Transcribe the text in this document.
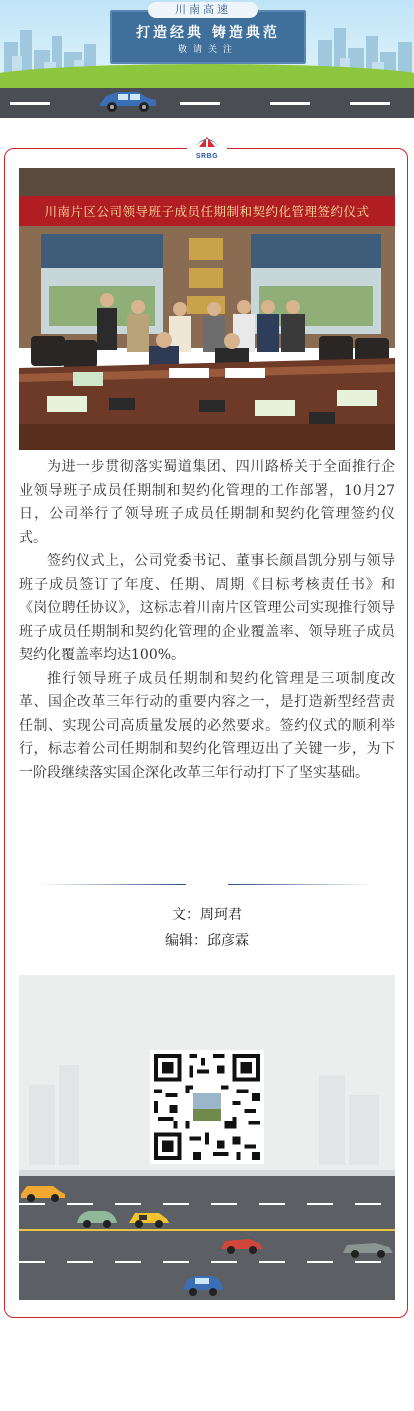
川南高速
打造经典 铸造典范
敬请关注
SRBG
川南片区公司领导班子成员任期制和契约化管理签约仪式

为进一步贯彻落实蜀道集团、四川路桥关于全面推行企业领导班子成员任期制和契约化管理的工作部署，10月27日，公司举行了领导班子成员任期制和契约化管理签约仪式。

签约仪式上，公司党委书记、董事长颜昌凯分别与领导班子成员签订了年度、任期、周期《目标考核责任书》和《岗位聘任协议》，这标志着川南片区管理公司实现推行领导班子成员任期制和契约化管理的企业覆盖率、领导班子成员契约化覆盖率均达100%。

推行领导班子成员任期制和契约化管理是三项制度改革、国企改革三年行动的重要内容之一，是打造新型经营责任制、实现公司高质量发展的必然要求。签约仪式的顺利举行，标志着公司任期制和契约化管理迈出了关键一步，为下一阶段继续落实国企深化改革三年行动打下了坚实基础。

文：周珂君
编辑：邱彦霖
